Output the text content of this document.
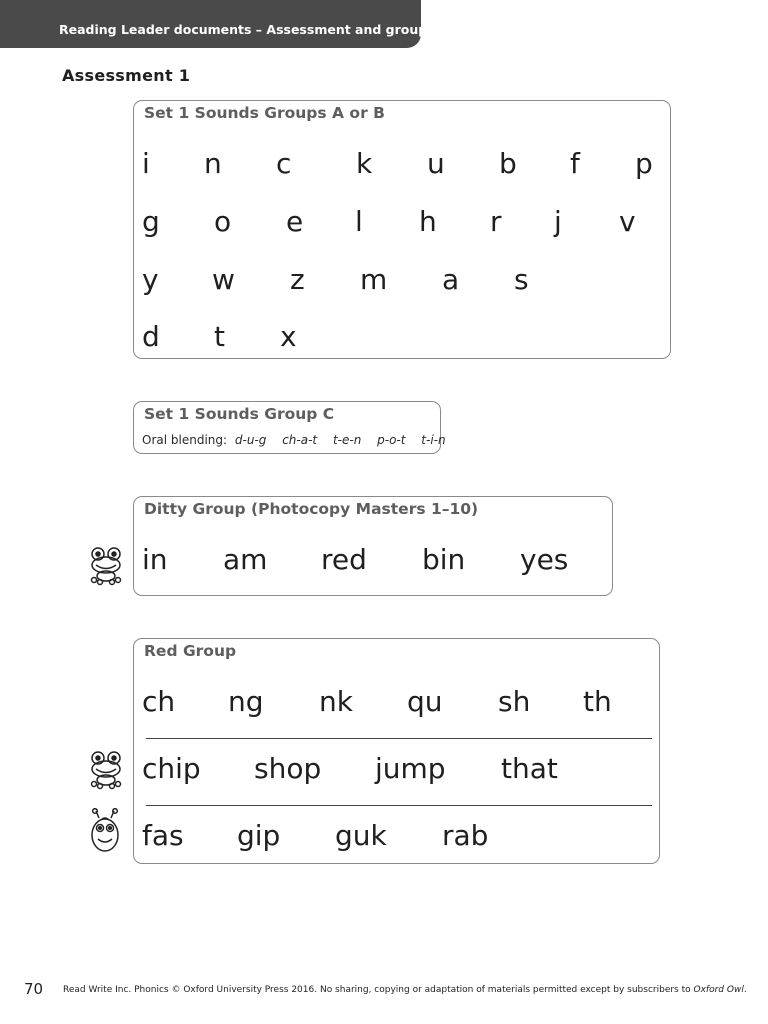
Reading Leader documents – Assessment and grouping
Assessment 1
Set 1 Sounds Groups A or B
i n c k u b f p
g o e l h r j v
y w z m a s
d t x
Set 1 Sounds Group C
Oral blending: d-u-g ch-a-t t-e-n p-o-t t-i-n
Ditty Group (Photocopy Masters 1–10)
in am red bin yes
Red Group
ch ng nk qu sh th
chip shop jump that
fas gip guk rab
70 Read Write Inc. Phonics © Oxford University Press 2016. No sharing, copying or adaptation of materials permitted except by subscribers to Oxford Owl.
